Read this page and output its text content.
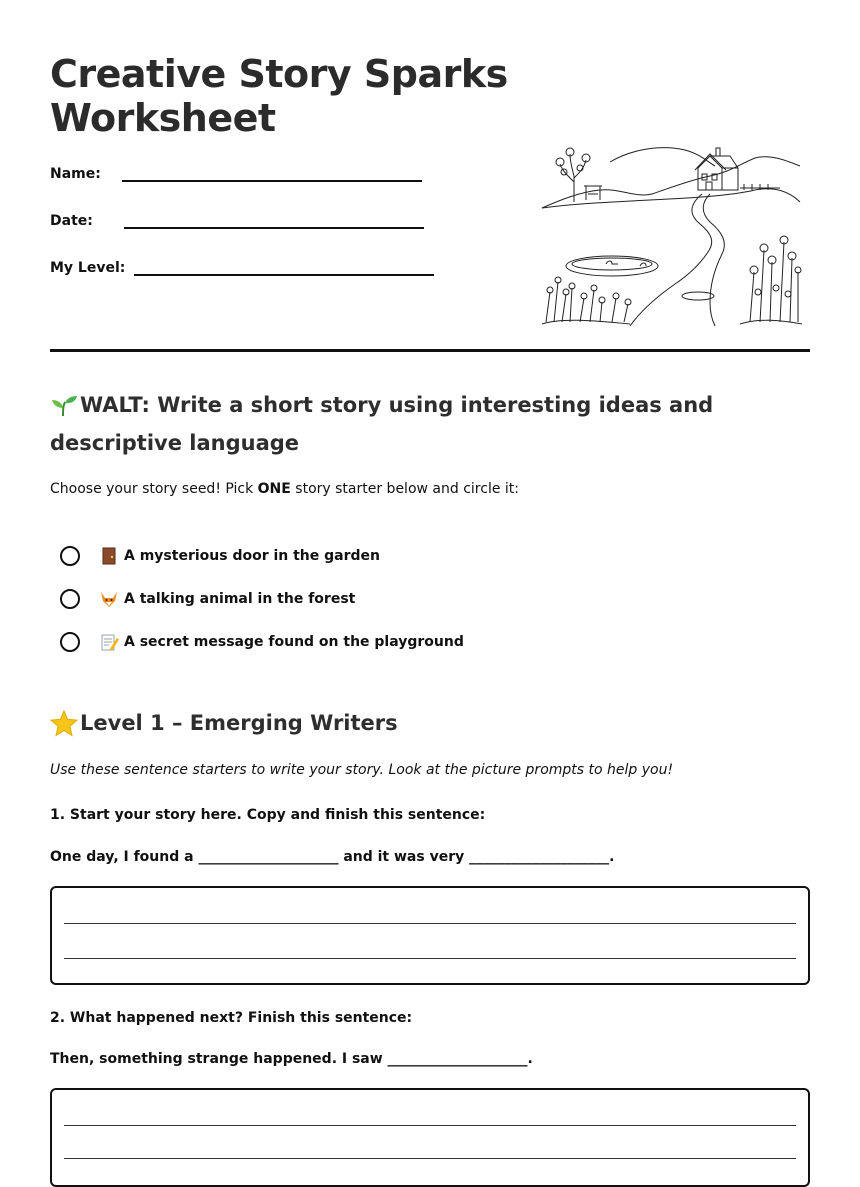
Creative Story Sparks
Worksheet
Name:
Date:
My Level:
WALT: Write a short story using interesting ideas and
descriptive language
Choose your story seed! Pick ONE story starter below and circle it:
A mysterious door in the garden
A talking animal in the forest
A secret message found on the playground
Level 1 – Emerging Writers
Use these sentence starters to write your story. Look at the picture prompts to help you!
1. Start your story here. Copy and finish this sentence:
One day, I found a ____________________ and it was very ____________________.
2. What happened next? Finish this sentence:
Then, something strange happened. I saw ____________________.
